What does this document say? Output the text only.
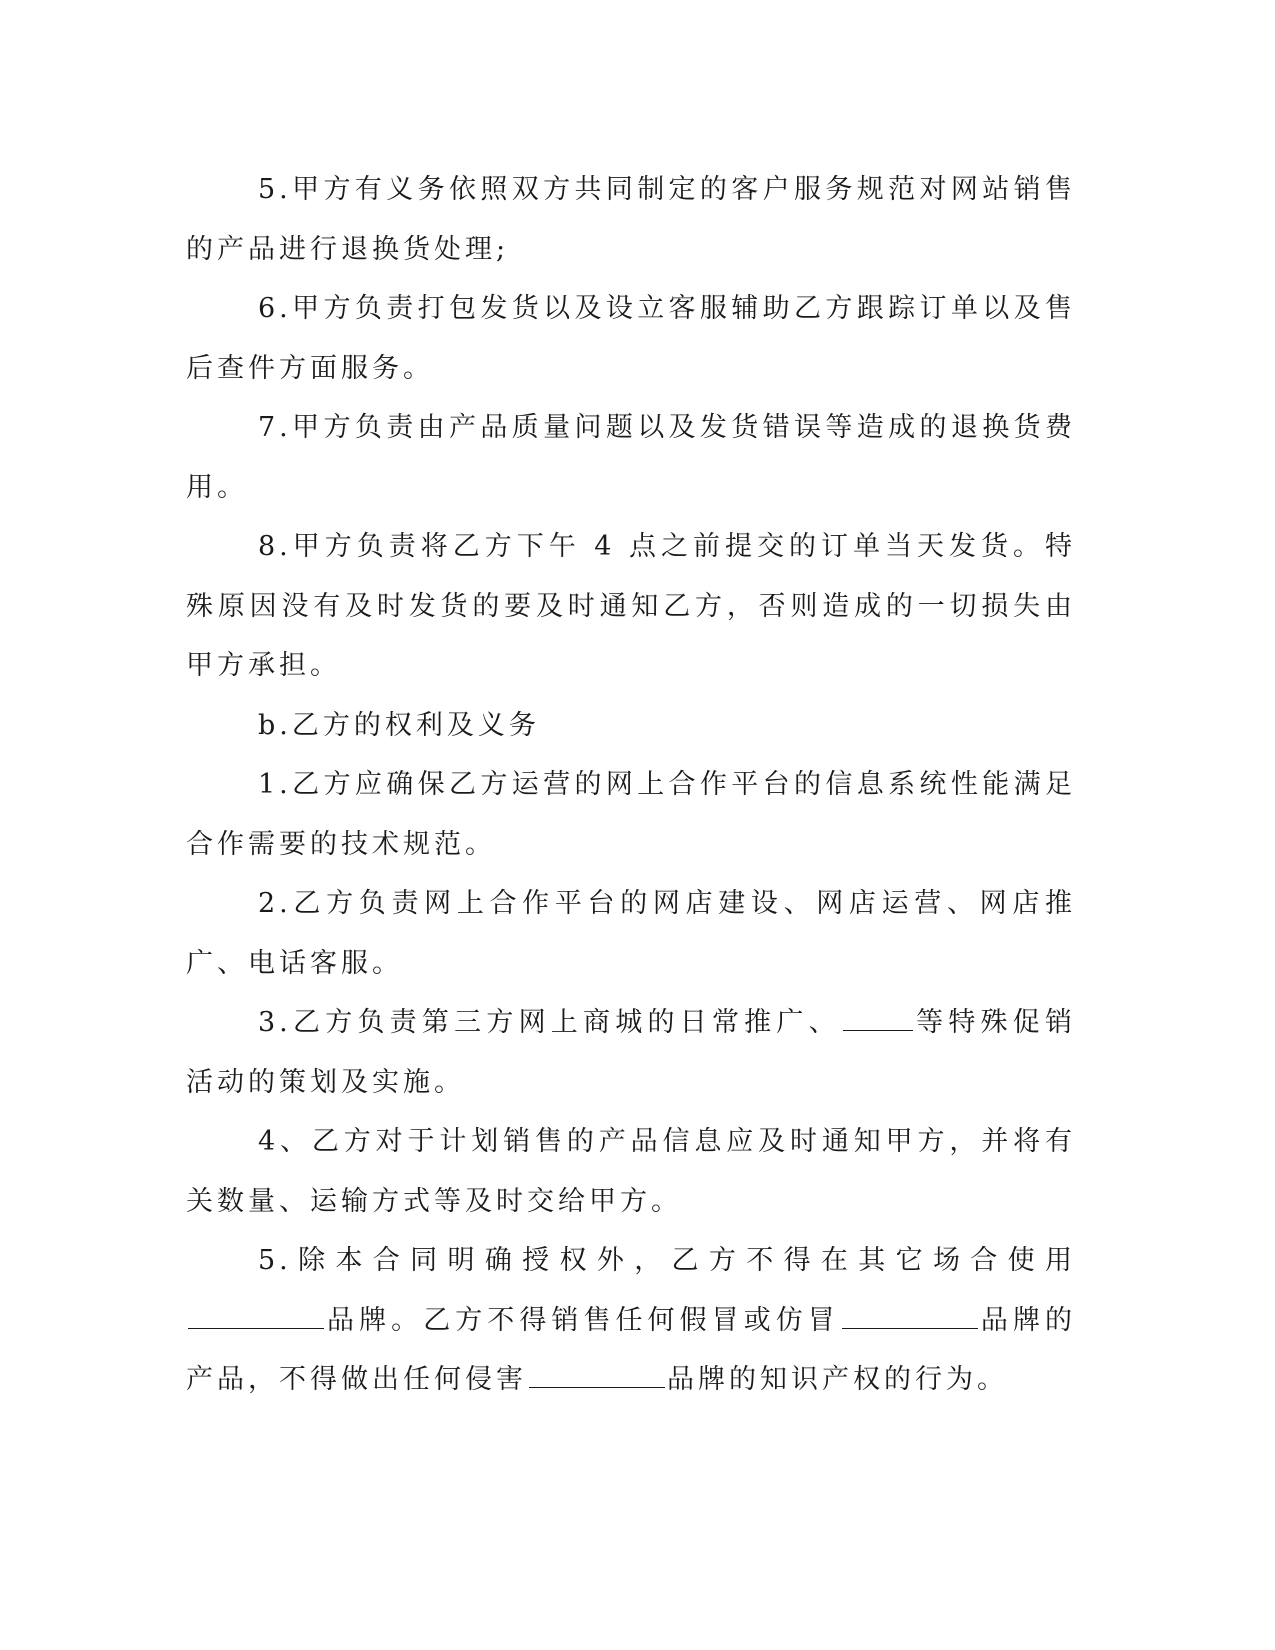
5.甲方有义务依照双方共同制定的客户服务规范对网站销售的产品进行退换货处理;

6.甲方负责打包发货以及设立客服辅助乙方跟踪订单以及售后查件方面服务。

7.甲方负责由产品质量问题以及发货错误等造成的退换货费用。

8.甲方负责将乙方下午 4 点之前提交的订单当天发货。特殊原因没有及时发货的要及时通知乙方，否则造成的一切损失由甲方承担。

b.乙方的权利及义务

1.乙方应确保乙方运营的网上合作平台的信息系统性能满足合作需要的技术规范。

2.乙方负责网上合作平台的网店建设、网店运营、网店推广、电话客服。

3.乙方负责第三方网上商城的日常推广、	等特殊促销活动的策划及实施。

4、乙方对于计划销售的产品信息应及时通知甲方，并将有关数量、运输方式等及时交给甲方。

5.除本合同明确授权外，乙方不得在其它场合使用品牌。乙方不得销售任何假冒或仿冒	品牌的产品，不得做出任何侵害	品牌的知识产权的行为。
